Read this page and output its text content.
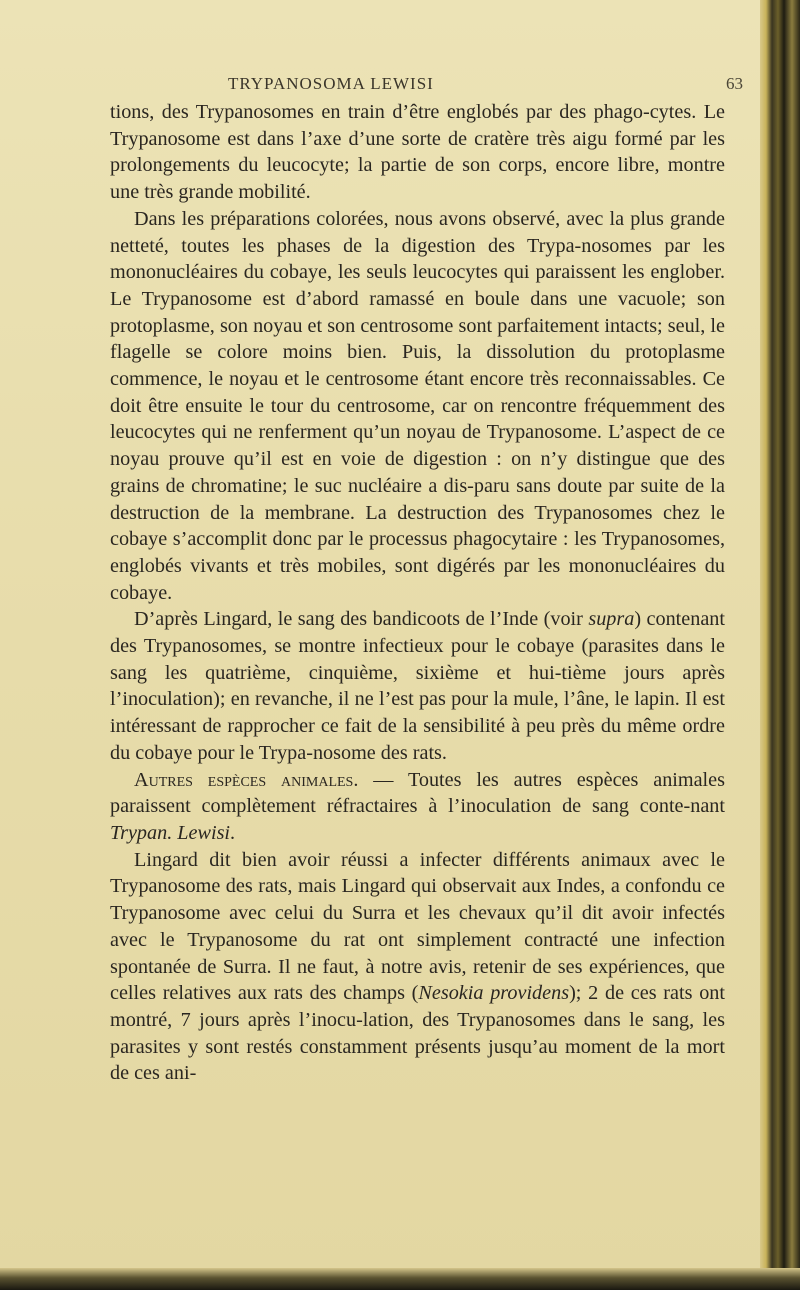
TRYPANOSOMA LEWISI	63

tions, des Trypanosomes en train d’être englobés par des phago-cytes. Le Trypanosome est dans l’axe d’une sorte de cratère très aigu formé par les prolongements du leucocyte; la partie de son corps, encore libre, montre une très grande mobilité.

Dans les préparations colorées, nous avons observé, avec la plus grande netteté, toutes les phases de la digestion des Trypa-nosomes par les mononucléaires du cobaye, les seuls leucocytes qui paraissent les englober. Le Trypanosome est d’abord ramassé en boule dans une vacuole; son protoplasme, son noyau et son centrosome sont parfaitement intacts; seul, le flagelle se colore moins bien. Puis, la dissolution du protoplasme commence, le noyau et le centrosome étant encore très reconnaissables. Ce doit être ensuite le tour du centrosome, car on rencontre fréquemment des leucocytes qui ne renferment qu’un noyau de Trypanosome. L’aspect de ce noyau prouve qu’il est en voie de digestion : on n’y distingue que des grains de chromatine; le suc nucléaire a dis-paru sans doute par suite de la destruction de la membrane. La destruction des Trypanosomes chez le cobaye s’accomplit donc par le processus phagocytaire : les Trypanosomes, englobés vivants et très mobiles, sont digérés par les mononucléaires du cobaye.

D’après Lingard, le sang des bandicoots de l’Inde (voir supra) contenant des Trypanosomes, se montre infectieux pour le cobaye (parasites dans le sang les quatrième, cinquième, sixième et hui-tième jours après l’inoculation); en revanche, il ne l’est pas pour la mule, l’âne, le lapin. Il est intéressant de rapprocher ce fait de la sensibilité à peu près du même ordre du cobaye pour le Trypa-nosome des rats.

Autres espèces animales. — Toutes les autres espèces animales paraissent complètement réfractaires à l’inoculation de sang conte-nant Trypan. Lewisi.

Lingard dit bien avoir réussi a infecter différents animaux avec le Trypanosome des rats, mais Lingard qui observait aux Indes, a confondu ce Trypanosome avec celui du Surra et les chevaux qu’il dit avoir infectés avec le Trypanosome du rat ont simplement contracté une infection spontanée de Surra. Il ne faut, à notre avis, retenir de ses expériences, que celles relatives aux rats des champs (Nesokia providens); 2 de ces rats ont montré, 7 jours après l’inocu-lation, des Trypanosomes dans le sang, les parasites y sont restés constamment présents jusqu’au moment de la mort de ces ani-
